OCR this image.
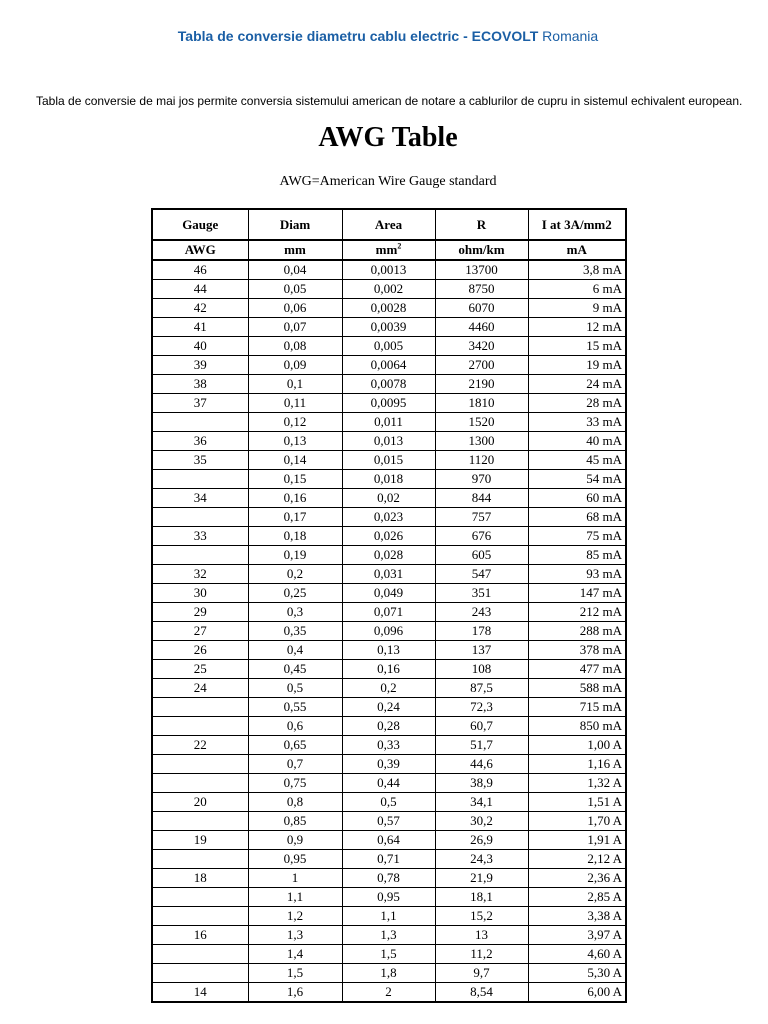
Tabla de conversie diametru cablu electric - ECOVOLT Romania
Tabla de conversie de mai jos permite conversia sistemului american de notare a cablurilor de cupru in sistemul echivalent european.
AWG Table
AWG=American Wire Gauge standard
Gauge	Diam	Area	R	I at 3A/mm2
AWG	mm	$mm^2$	ohm/km	mA
46	0,04	0,0013	13700	3,8 mA
44	0,05	0,002	8750	6 mA
42	0,06	0,0028	6070	9 mA
41	0,07	0,0039	4460	12 mA
40	0,08	0,005	3420	15 mA
39	0,09	0,0064	2700	19 mA
38	0,1	0,0078	2190	24 mA
37	0,11	0,0095	1810	28 mA
	0,12	0,011	1520	33 mA
36	0,13	0,013	1300	40 mA
35	0,14	0,015	1120	45 mA
	0,15	0,018	970	54 mA
34	0,16	0,02	844	60 mA
	0,17	0,023	757	68 mA
33	0,18	0,026	676	75 mA
	0,19	0,028	605	85 mA
32	0,2	0,031	547	93 mA
30	0,25	0,049	351	147 mA
29	0,3	0,071	243	212 mA
27	0,35	0,096	178	288 mA
26	0,4	0,13	137	378 mA
25	0,45	0,16	108	477 mA
24	0,5	0,2	87,5	588 mA
	0,55	0,24	72,3	715 mA
	0,6	0,28	60,7	850 mA
22	0,65	0,33	51,7	1,00 A
	0,7	0,39	44,6	1,16 A
	0,75	0,44	38,9	1,32 A
20	0,8	0,5	34,1	1,51 A
	0,85	0,57	30,2	1,70 A
19	0,9	0,64	26,9	1,91 A
	0,95	0,71	24,3	2,12 A
18	1	0,78	21,9	2,36 A
	1,1	0,95	18,1	2,85 A
	1,2	1,1	15,2	3,38 A
16	1,3	1,3	13	3,97 A
	1,4	1,5	11,2	4,60 A
	1,5	1,8	9,7	5,30 A
14	1,6	2	8,54	6,00 A
